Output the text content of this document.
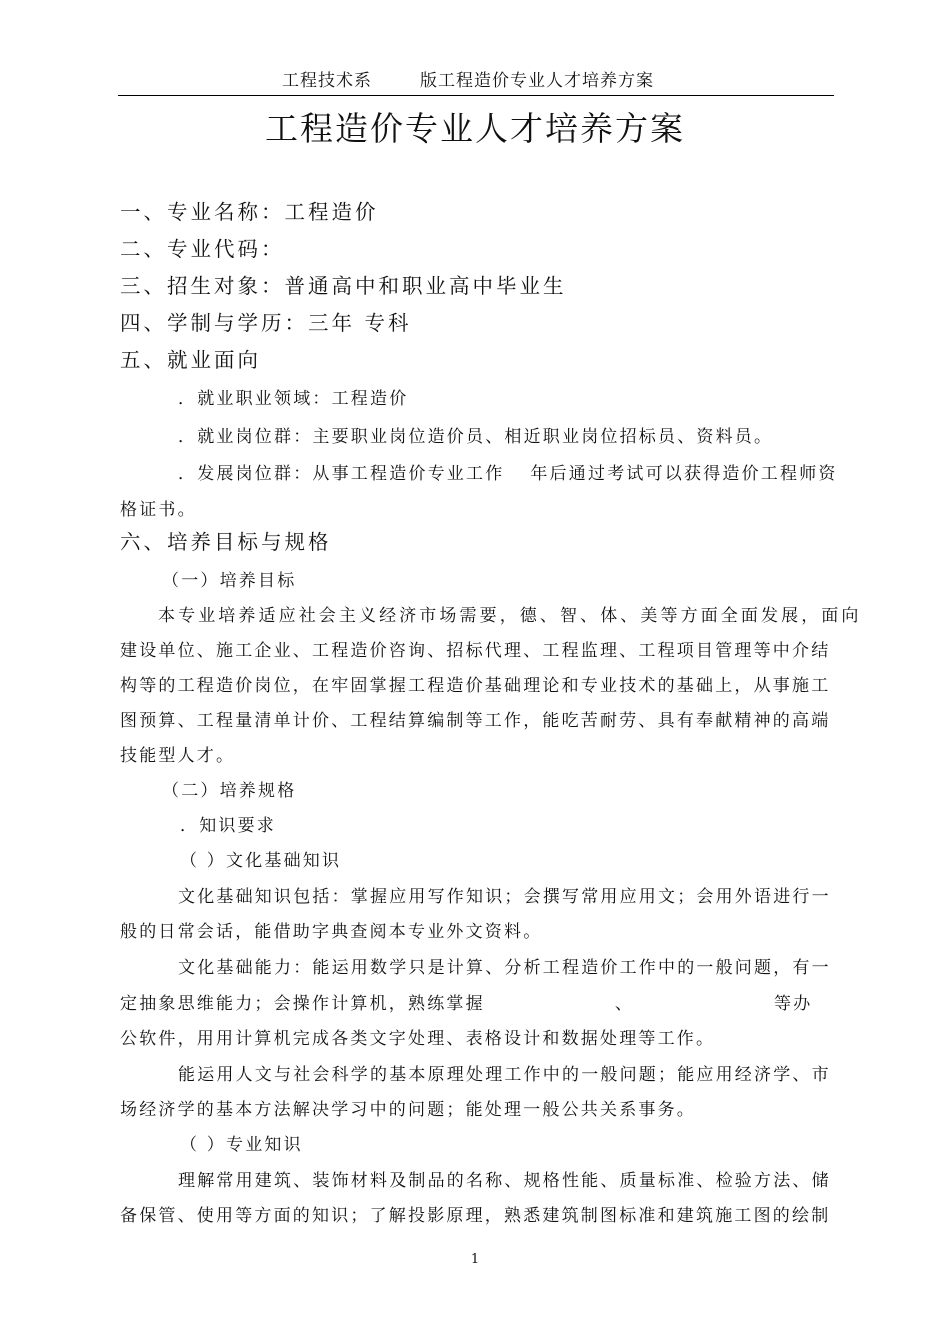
工程技术系	版工程造价专业人才培养方案
工程造价专业人才培养方案
一、专业名称：工程造价
二、专业代码：
三、招生对象：普通高中和职业高中毕业生
四、学制与学历：三年 专科
五、就业面向
．就业职业领域：工程造价
．就业岗位群：主要职业岗位造价员、相近职业岗位招标员、资料员。
．发展岗位群：从事工程造价专业工作 年后通过考试可以获得造价工程师资
格证书。
六、培养目标与规格
（一）培养目标
本专业培养适应社会主义经济市场需要，德、智、体、美等方面全面发展，面向
建设单位、施工企业、工程造价咨询、招标代理、工程监理、工程项目管理等中介结
构等的工程造价岗位，在牢固掌握工程造价基础理论和专业技术的基础上，从事施工
图预算、工程量清单计价、工程结算编制等工作，能吃苦耐劳、具有奉献精神的高端
技能型人才。
（二）培养规格
．知识要求
（ ）文化基础知识
文化基础知识包括：掌握应用写作知识；会撰写常用应用文；会用外语进行一
般的日常会话，能借助字典查阅本专业外文资料。
文化基础能力：能运用数学只是计算、分析工程造价工作中的一般问题，有一
定抽象思维能力；会操作计算机，熟练掌握	、	等办
公软件，用用计算机完成各类文字处理、表格设计和数据处理等工作。
能运用人文与社会科学的基本原理处理工作中的一般问题；能应用经济学、市
场经济学的基本方法解决学习中的问题；能处理一般公共关系事务。
（ ）专业知识
理解常用建筑、装饰材料及制品的名称、规格性能、质量标准、检验方法、储
备保管、使用等方面的知识；了解投影原理，熟悉建筑制图标准和建筑施工图的绘制
1
